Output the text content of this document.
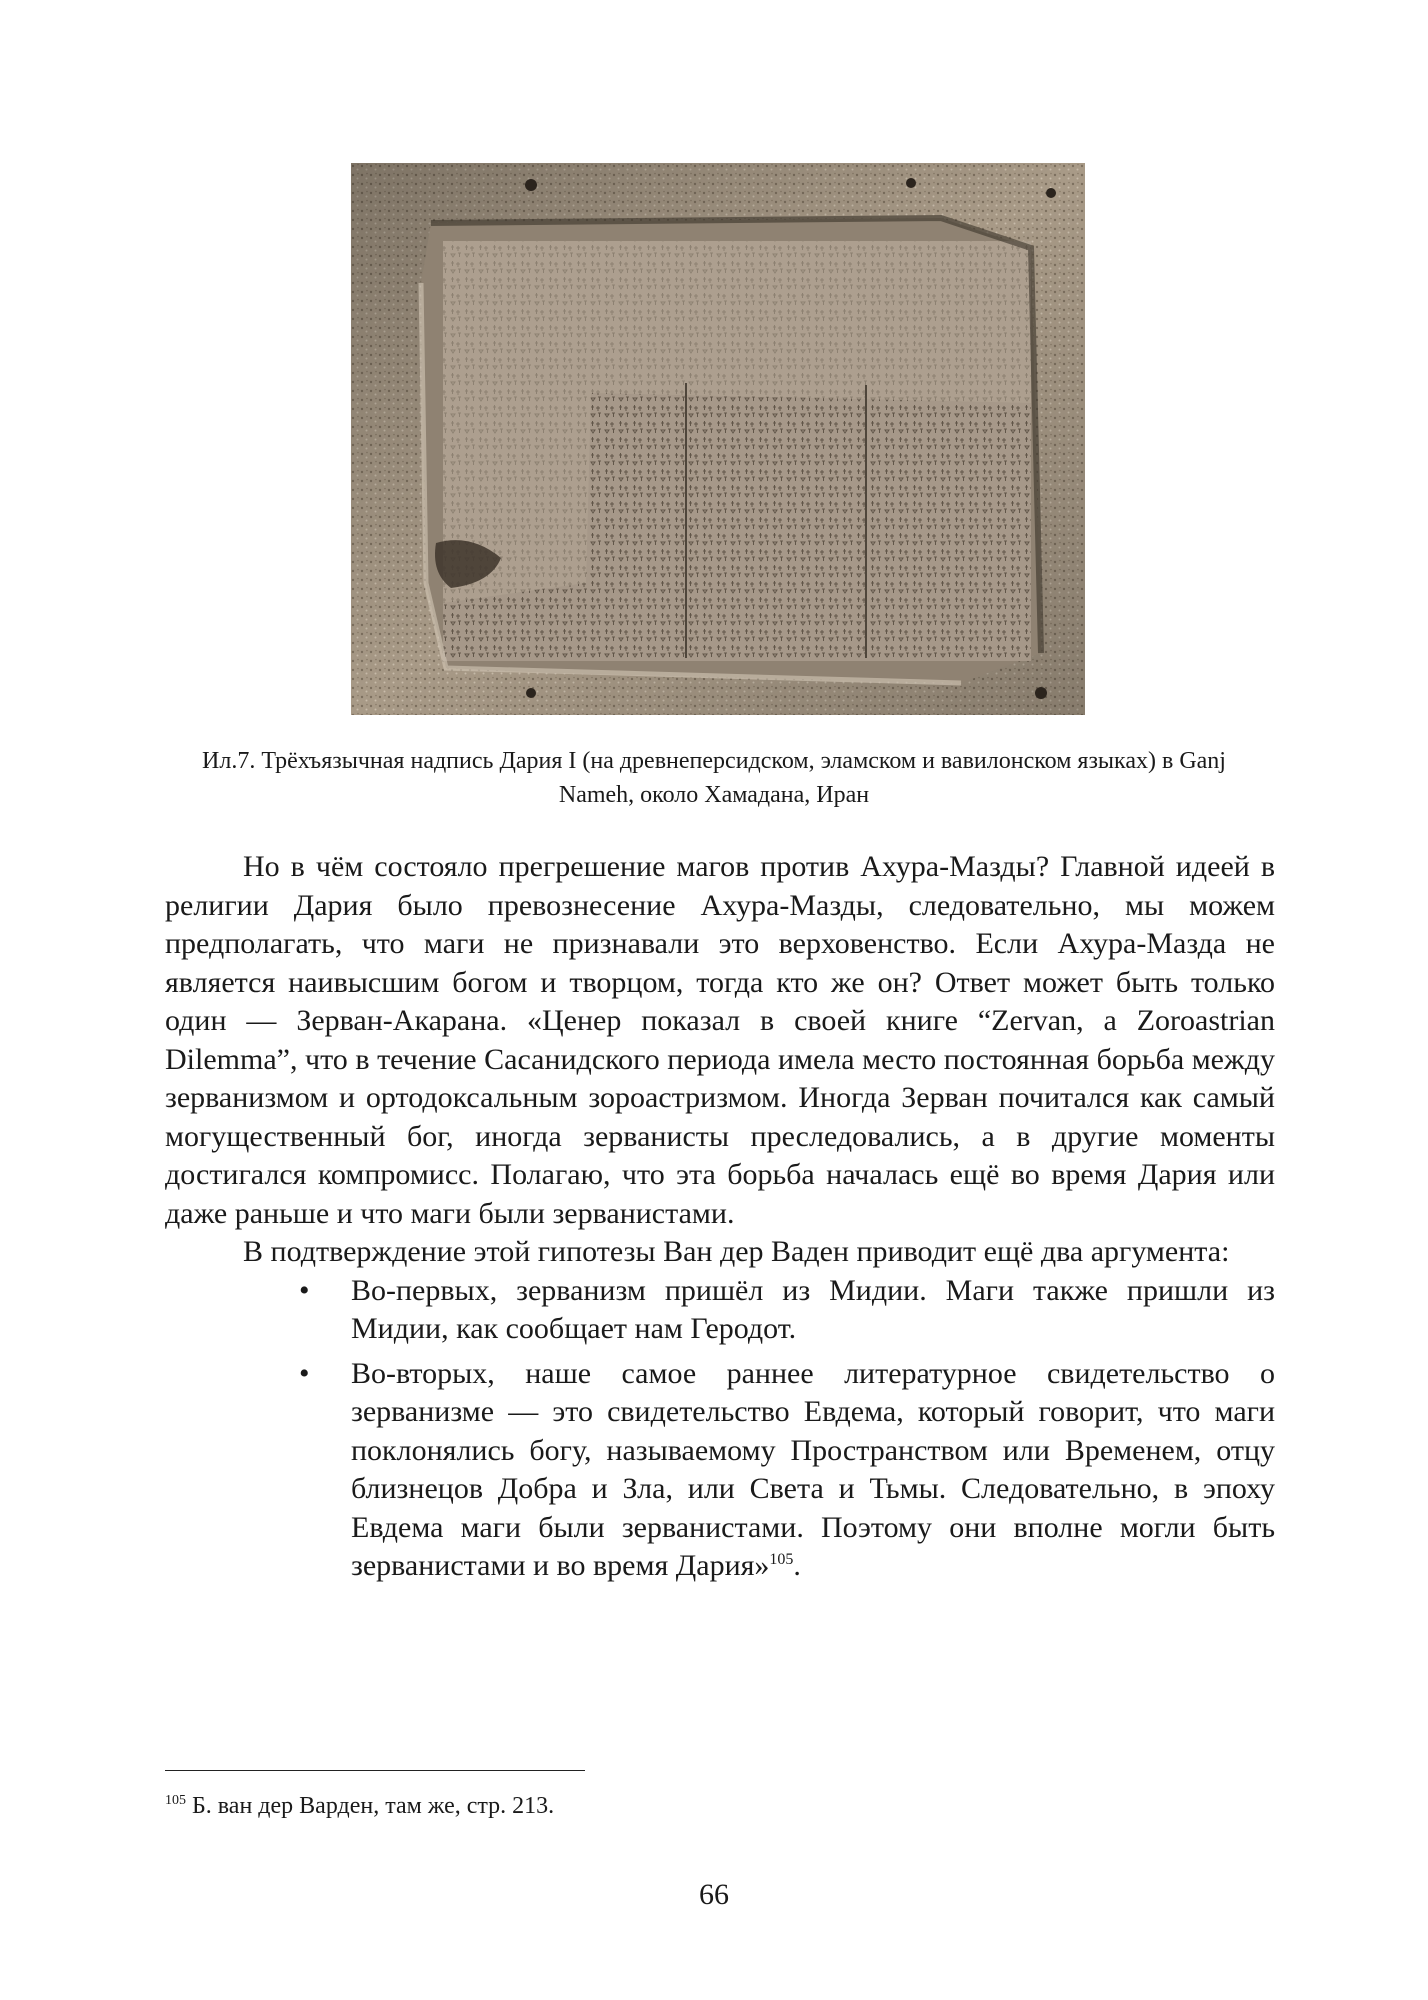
Ил.7. Трёхъязычная надпись Дария I (на древнеперсидском, эламском и вавилонском языках) в Ganj Nameh, около Хамадана, Иран

Но в чём состояло прегрешение магов против Ахура-Мазды? Главной идеей в религии Дария было превознесение Ахура-Мазды, следовательно, мы можем предполагать, что маги не признавали это верховенство. Если Ахура-Мазда не является наивысшим богом и творцом, тогда кто же он? Ответ может быть только один — Зерван-Акарана. «Ценер показал в своей книге “Zervan, a Zoroastrian Dilemma”, что в течение Сасанидского периода имела место постоянная борьба между зерванизмом и ортодоксальным зороастризмом. Иногда Зерван почитался как самый могущественный бог, иногда зерванисты преследовались, а в другие моменты достигался компромисс. Полагаю, что эта борьба началась ещё во время Дария или даже раньше и что маги были зерванистами.

В подтверждение этой гипотезы Ван дер Ваден приводит ещё два аргумента:

• Во-первых, зерванизм пришёл из Мидии. Маги также пришли из Мидии, как сообщает нам Геродот.
• Во-вторых, наше самое раннее литературное свидетельство о зерванизме — это свидетельство Евдема, который говорит, что маги поклонялись богу, называемому Пространством или Временем, отцу близнецов Добра и Зла, или Света и Тьмы. Следовательно, в эпоху Евдема маги были зерванистами. Поэтому они вполне могли быть зерванистами и во время Дария»$^{105}$.
$^{105}$ Б. ван дер Варден, там же, стр. 213.
66
